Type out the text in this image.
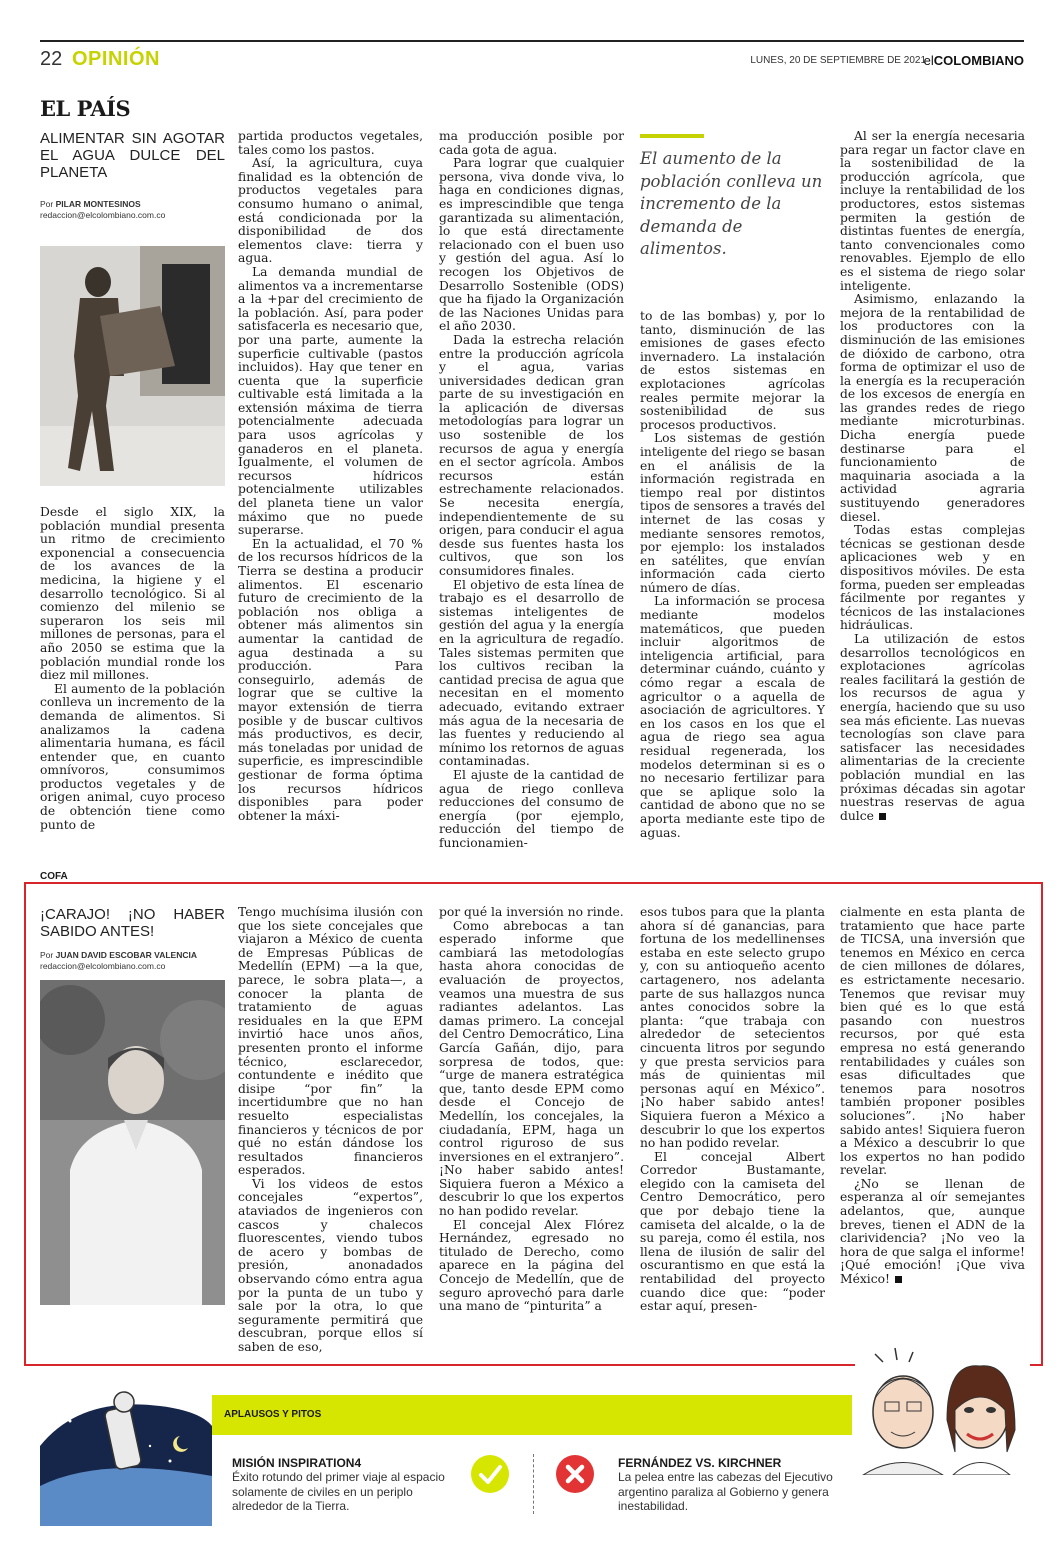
22 OPINIÓN	LUNES, 20 DE SEPTIEMBRE DE 2021
elCOLOMBIANO
EL PAÍS
ALIMENTAR SIN AGOTAR EL AGUA DULCE DEL PLANETA
Por PILAR MONTESINOS
redaccion@elcolombiano.com.co

Desde el siglo XIX, la población mundial presenta un ritmo de crecimiento exponencial a consecuencia de los avances de la medicina, la higiene y el desarrollo tecnológico. Si al comienzo del milenio se superaron los seis mil millones de personas, para el año 2050 se estima que la población mundial ronde los diez mil millones.

El aumento de la población conlleva un incremento de la demanda de alimentos. Si analizamos la cadena alimentaria humana, es fácil entender que, en cuanto omnívoros, consumimos productos vegetales y de origen animal, cuyo proceso de obtención tiene como punto de

partida productos vegetales, tales como los pastos.

Así, la agricultura, cuya finalidad es la obtención de productos vegetales para consumo humano o animal, está condicionada por la disponibilidad de dos elementos clave: tierra y agua.

La demanda mundial de alimentos va a incrementarse a la +par del crecimiento de la población. Así, para poder satisfacerla es necesario que, por una parte, aumente la superficie cultivable (pastos incluidos). Hay que tener en cuenta que la superficie cultivable está limitada a la extensión máxima de tierra potencialmente adecuada para usos agrícolas y ganaderos en el planeta. Igualmente, el volumen de recursos hídricos potencialmente utilizables del planeta tiene un valor máximo que no puede superarse.

En la actualidad, el 70 % de los recursos hídricos de la Tierra se destina a producir alimentos. El escenario futuro de crecimiento de la población nos obliga a obtener más alimentos sin aumentar la cantidad de agua destinada a su producción. Para conseguirlo, además de lograr que se cultive la mayor extensión de tierra posible y de buscar cultivos más productivos, es decir, más toneladas por unidad de superficie, es imprescindible gestionar de forma óptima los recursos hídricos disponibles para poder obtener la máxi-

ma producción posible por cada gota de agua.

Para lograr que cualquier persona, viva donde viva, lo haga en condiciones dignas, es imprescindible que tenga garantizada su alimentación, lo que está directamente relacionado con el buen uso y gestión del agua. Así lo recogen los Objetivos de Desarrollo Sostenible (ODS) que ha fijado la Organización de las Naciones Unidas para el año 2030.

Dada la estrecha relación entre la producción agrícola y el agua, varias universidades dedican gran parte de su investigación en la aplicación de diversas metodologías para lograr un uso sostenible de los recursos de agua y energía en el sector agrícola. Ambos recursos están estrechamente relacionados. Se necesita energía, independientemente de su origen, para conducir el agua desde sus fuentes hasta los cultivos, que son los consumidores finales.

El objetivo de esta línea de trabajo es el desarrollo de sistemas inteligentes de gestión del agua y la energía en la agricultura de regadío. Tales sistemas permiten que los cultivos reciban la cantidad precisa de agua que necesitan en el momento adecuado, evitando extraer más agua de la necesaria de las fuentes y reduciendo al mínimo los retornos de aguas contaminadas.

El ajuste de la cantidad de agua de riego conlleva reducciones del consumo de energía (por ejemplo, reducción del tiempo de funcionamien-

El aumento de la población conlleva un incremento de la demanda de alimentos.

to de las bombas) y, por lo tanto, disminución de las emisiones de gases efecto invernadero. La instalación de estos sistemas en explotaciones agrícolas reales permite mejorar la sostenibilidad de sus procesos productivos.

Los sistemas de gestión inteligente del riego se basan en el análisis de la información registrada en tiempo real por distintos tipos de sensores a través del internet de las cosas y mediante sensores remotos, por ejemplo: los instalados en satélites, que envían información cada cierto número de días.

La información se procesa mediante modelos matemáticos, que pueden incluir algoritmos de inteligencia artificial, para determinar cuándo, cuánto y cómo regar a escala de agricultor o a aquella de asociación de agricultores. Y en los casos en los que el agua de riego sea agua residual regenerada, los modelos determinan si es o no necesario fertilizar para que se aplique solo la cantidad de abono que no se aporta mediante este tipo de aguas.

Al ser la energía necesaria para regar un factor clave en la sostenibilidad de la producción agrícola, que incluye la rentabilidad de los productores, estos sistemas permiten la gestión de distintas fuentes de energía, tanto convencionales como renovables. Ejemplo de ello es el sistema de riego solar inteligente.

Asimismo, enlazando la mejora de la rentabilidad de los productores con la disminución de las emisiones de dióxido de carbono, otra forma de optimizar el uso de la energía es la recuperación de los excesos de energía en las grandes redes de riego mediante microturbinas. Dicha energía puede destinarse para el funcionamiento de maquinaria asociada a la actividad agraria sustituyendo generadores diesel.

Todas estas complejas técnicas se gestionan desde aplicaciones web y en dispositivos móviles. De esta forma, pueden ser empleadas fácilmente por regantes y técnicos de las instalaciones hidráulicas.

La utilización de estos desarrollos tecnológicos en explotaciones agrícolas reales facilitará la gestión de los recursos de agua y energía, haciendo que su uso sea más eficiente. Las nuevas tecnologías son clave para satisfacer las necesidades alimentarias de la creciente población mundial en las próximas décadas sin agotar nuestras reservas de agua dulce

COFA
¡CARAJO! ¡NO HABER SABIDO ANTES!
Por JUAN DAVID ESCOBAR VALENCIA
redaccion@elcolombiano.com.co

Tengo muchísima ilusión con que los siete concejales que viajaron a México de cuenta de Empresas Públicas de Medellín (EPM) —a la que, parece, le sobra plata—, a conocer la planta de tratamiento de aguas residuales en la que EPM invirtió hace unos años, presenten pronto el informe técnico, esclarecedor, contundente e inédito que disipe “por fin” la incertidumbre que no han resuelto especialistas financieros y técnicos de por qué no están dándose los resultados financieros esperados.

Vi los videos de estos concejales “expertos”, ataviados de ingenieros con cascos y chalecos fluorescentes, viendo tubos de acero y bombas de presión, anonadados observando cómo entra agua por la punta de un tubo y sale por la otra, lo que seguramente permitirá que descubran, porque ellos sí saben de eso,

por qué la inversión no rinde.

Como abrebocas a tan esperado informe que cambiará las metodologías hasta ahora conocidas de evaluación de proyectos, veamos una muestra de sus radiantes adelantos. Las damas primero. La concejal del Centro Democrático, Lina García Gañán, dijo, para sorpresa de todos, que: “urge de manera estratégica que, tanto desde EPM como desde el Concejo de Medellín, los concejales, la ciudadanía, EPM, haga un control riguroso de sus inversiones en el extranjero”. ¡No haber sabido antes! Siquiera fueron a México a descubrir lo que los expertos no han podido revelar.

El concejal Alex Flórez Hernández, egresado no titulado de Derecho, como aparece en la página del Concejo de Medellín, que de seguro aprovechó para darle una mano de “pinturita” a

esos tubos para que la planta ahora sí dé ganancias, para fortuna de los medellinenses estaba en este selecto grupo y, con su antioqueño acento cartagenero, nos adelanta parte de sus hallazgos nunca antes conocidos sobre la planta: “que trabaja con alrededor de setecientos cincuenta litros por segundo y que presta servicios para más de quinientas mil personas aquí en México”. ¡No haber sabido antes! Siquiera fueron a México a descubrir lo que los expertos no han podido revelar.

El concejal Albert Corredor Bustamante, elegido con la camiseta del Centro Democrático, pero que por debajo tiene la camiseta del alcalde, o la de su pareja, como él estila, nos llena de ilusión de salir del oscurantismo en que está la rentabilidad del proyecto cuando dice que: “poder estar aquí, presen-

cialmente en esta planta de tratamiento que hace parte de TICSA, una inversión que tenemos en México en cerca de cien millones de dólares, es estrictamente necesario. Tenemos que revisar muy bien qué es lo que está pasando con nuestros recursos, por qué esta empresa no está generando rentabilidades y cuáles son esas dificultades que tenemos para nosotros también proponer posibles soluciones”. ¡No haber sabido antes! Siquiera fueron a México a descubrir lo que los expertos no han podido revelar.

¿No se llenan de esperanza al oír semejantes adelantos, que, aunque breves, tienen el ADN de la clarividencia? ¡No veo la hora de que salga el informe! ¡Qué emoción! ¡Que viva México!

APLAUSOS Y PITOS
MISIÓN INSPIRATION4
Éxito rotundo del primer viaje al espacio solamente de civiles en un periplo alrededor de la Tierra.
FERNÁNDEZ VS. KIRCHNER
La pelea entre las cabezas del Ejecutivo argentino paraliza al Gobierno y genera inestabilidad.
